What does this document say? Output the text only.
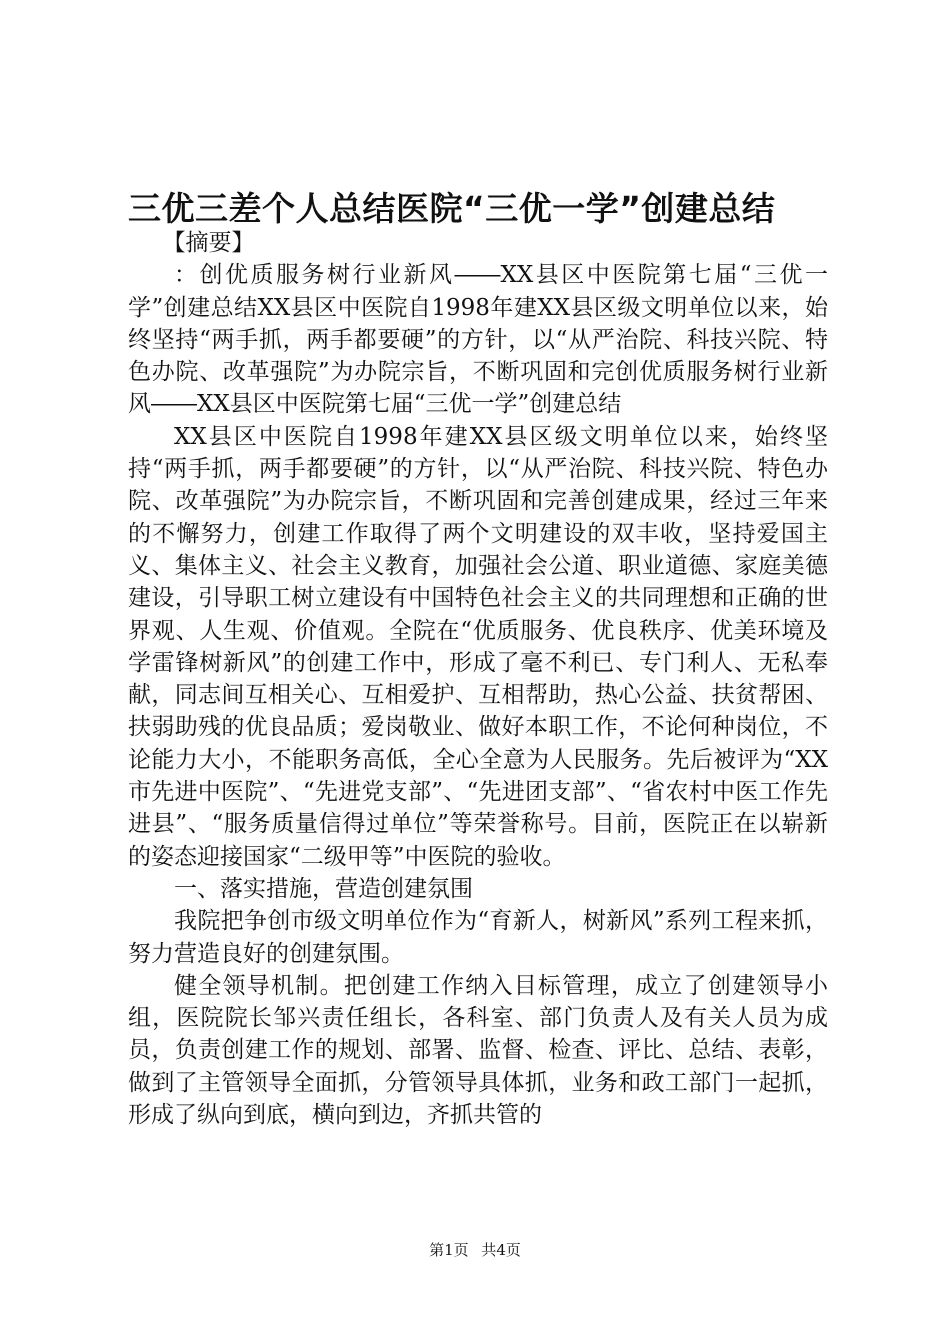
三优三差个人总结医院“三优一学”创建总结

【摘要】

：创优质服务树行业新风――XX县区中医院第七届“三优一学”创建总结XX县区中医院自1998年建XX县区级文明单位以来，始终坚持“两手抓，两手都要硬”的方针，以“从严治院、科技兴院、特色办院、改革强院”为办院宗旨，不断巩固和完创优质服务树行业新风――XX县区中医院第七届“三优一学”创建总结

XX县区中医院自1998年建XX县区级文明单位以来，始终坚持“两手抓，两手都要硬”的方针，以“从严治院、科技兴院、特色办院、改革强院”为办院宗旨，不断巩固和完善创建成果，经过三年来的不懈努力，创建工作取得了两个文明建设的双丰收，坚持爱国主义、集体主义、社会主义教育，加强社会公道、职业道德、家庭美德建设，引导职工树立建设有中国特色社会主义的共同理想和正确的世界观、人生观、价值观。全院在“优质服务、优良秩序、优美环境及学雷锋树新风”的创建工作中，形成了毫不利已、专门利人、无私奉献，同志间互相关心、互相爱护、互相帮助，热心公益、扶贫帮困、扶弱助残的优良品质；爱岗敬业、做好本职工作，不论何种岗位，不论能力大小，不能职务高低，全心全意为人民服务。先后被评为“XX市先进中医院”、“先进党支部”、“先进团支部”、“省农村中医工作先进县”、“服务质量信得过单位”等荣誉称号。目前，医院正在以崭新的姿态迎接国家“二级甲等”中医院的验收。

一、落实措施，营造创建氛围

我院把争创市级文明单位作为“育新人，树新风”系列工程来抓，努力营造良好的创建氛围。

健全领导机制。把创建工作纳入目标管理，成立了创建领导小组，医院院长邹兴责任组长，各科室、部门负责人及有关人员为成员，负责创建工作的规划、部署、监督、检查、评比、总结、表彰，做到了主管领导全面抓，分管领导具体抓，业务和政工部门一起抓，形成了纵向到底，横向到边，齐抓共管的

第1页 共4页
